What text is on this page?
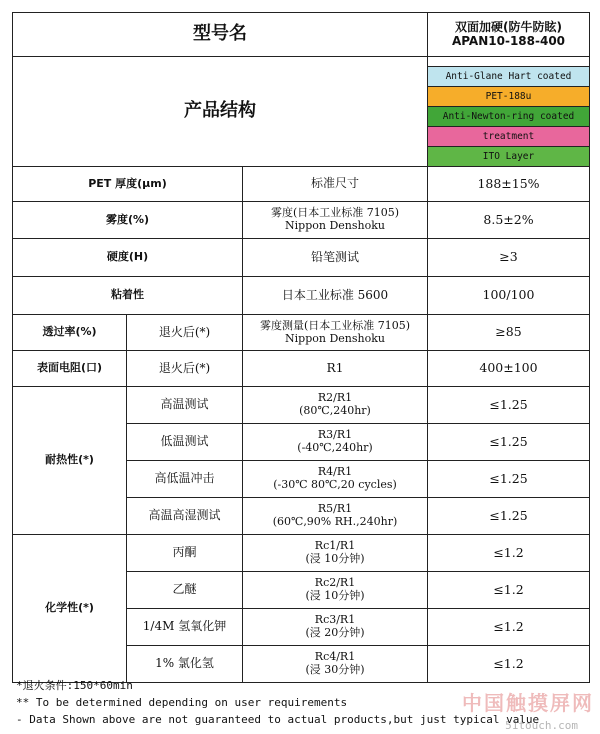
型号名			双面加硬(防牛防眩)
APAN10-188-400

产品结构			Anti-Glane Hart coated
PET-188u
Anti-Newton-ring coated
treatment
ITO Layer

PET 厚度(μm)		标准尺寸	188±15%
雾度(%)		雾度(日本工业标准 7105)
Nippon Denshoku	8.5±2%
硬度(H)		铅笔测试	≥3
粘着性		日本工业标准 5600	100/100
透过率(%)	退火后(*)	雾度测量(日本工业标准 7105)
Nippon Denshoku	≥85
表面电阻(口)	退火后(*)	R1	400±100
耐热性(*)	高温测试	R2/R1
(80℃,240hr)	≤1.25
	低温测试	R3/R1
(-40℃,240hr)	≤1.25
	高低温冲击	R4/R1
(-30℃ 80℃,20 cycles)	≤1.25
	高温高湿测试	R5/R1
(60℃,90% RH.,240hr)	≤1.25
化学性(*)	丙酮	Rc1/R1
(浸 10分钟)	≤1.2
	乙醚	Rc2/R1
(浸 10分钟)	≤1.2
	1/4M 氢氧化钾	Rc3/R1
(浸 20分钟)	≤1.2
	1% 氯化氢	Rc4/R1
(浸 30分钟)	≤1.2
*退火条件:150*60min
** To be determined depending on user requirements
- Data Shown above are not guaranteed to actual products,but just typical value
中国触摸屏网
51touch.com
